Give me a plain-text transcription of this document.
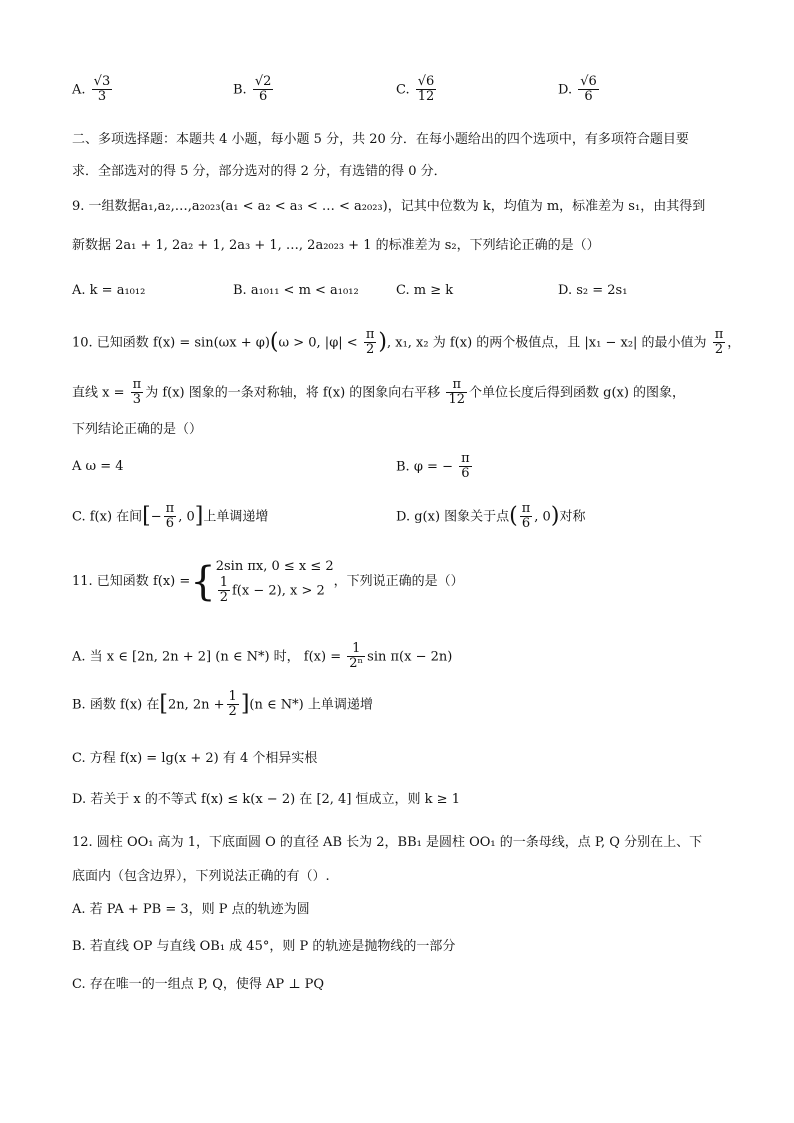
A. $\frac{√3}{3}$	B. $\frac{√2}{6}$	C. $\frac{√6}{12}$	D. $\frac{√6}{6}$
二、多项选择题：本题共 4 小题，每小题 5 分，共 20 分．在每小题给出的四个选项中，有多项符合题目要
求．全部选对的得 5 分，部分选对的得 2 分，有选错的得 0 分．
9. 一组数据a₁,a₂,…,a₂₀₂₃(a₁ < a₂ < a₃ < … < a₂₀₂₃)，记其中位数为 k，均值为 m，标准差为 s₁，由其得到
新数据 2a₁ + 1, 2a₂ + 1, 2a₃ + 1, …, 2a₂₀₂₃ + 1 的标准差为 s₂，下列结论正确的是（）
A. k = a₁₀₁₂	B. a₁₀₁₁ < m < a₁₀₁₂	C. m ≥ k	D. s₂ = 2s₁
10. 已知函数 f(x) = sin(ωx + φ)(ω > 0, $|\varphi| < \frac{\pi}{2}$ ), x₁, x₂ 为 f(x) 的两个极值点，且 |x₁ − x₂| 的最小值为 $\frac{\pi}{2}$ ，
直线 $x = \frac{\pi}{3}$ 为 f(x) 图象的一条对称轴，将 f(x) 的图象向右平移 $\frac{\pi}{12}$ 个单位长度后得到函数 g(x) 的图象，
下列结论正确的是（）
A ω = 4	B. φ = − $\frac{\pi}{6}$
C. f(x) 在间[− $\frac{\pi}{6}$ , 0]上单调递增	D. g(x) 图象关于点( $\frac{\pi}{6}$ , 0)对称
11. 已知函数 f(x) ={ 2sin πx, 0 ≤ x ≤ 2
$\frac{1}{2} f(x - 2)$, x > 2
，下列说正确的是（）
A. 当 x ∈ [2n, 2n + 2] (n ∈ N*) 时， $f(x) = \frac{1}{\text{2ⁿ}}$ sin π(x − 2n)
B. 函数 f(x) 在[2n, $2n + \frac{1}{2} ](n$ ∈ N*) 上单调递增
C. 方程 f(x) = lg(x + 2) 有 4 个相异实根
D. 若关于 x 的不等式 f(x) ≤ k(x − 2) 在 [2, 4] 恒成立，则 k ≥ 1
12. 圆柱 OO₁ 高为 1，下底面圆 O 的直径 AB 长为 2，BB₁ 是圆柱 OO₁ 的一条母线，点 P, Q 分别在上、下
底面内（包含边界），下列说法正确的有（）.
A. 若 PA + PB = 3，则 P 点的轨迹为圆
B. 若直线 OP 与直线 OB₁ 成 45°，则 P 的轨迹是抛物线的一部分
C. 存在唯一的一组点 P, Q，使得 AP ⊥ PQ
